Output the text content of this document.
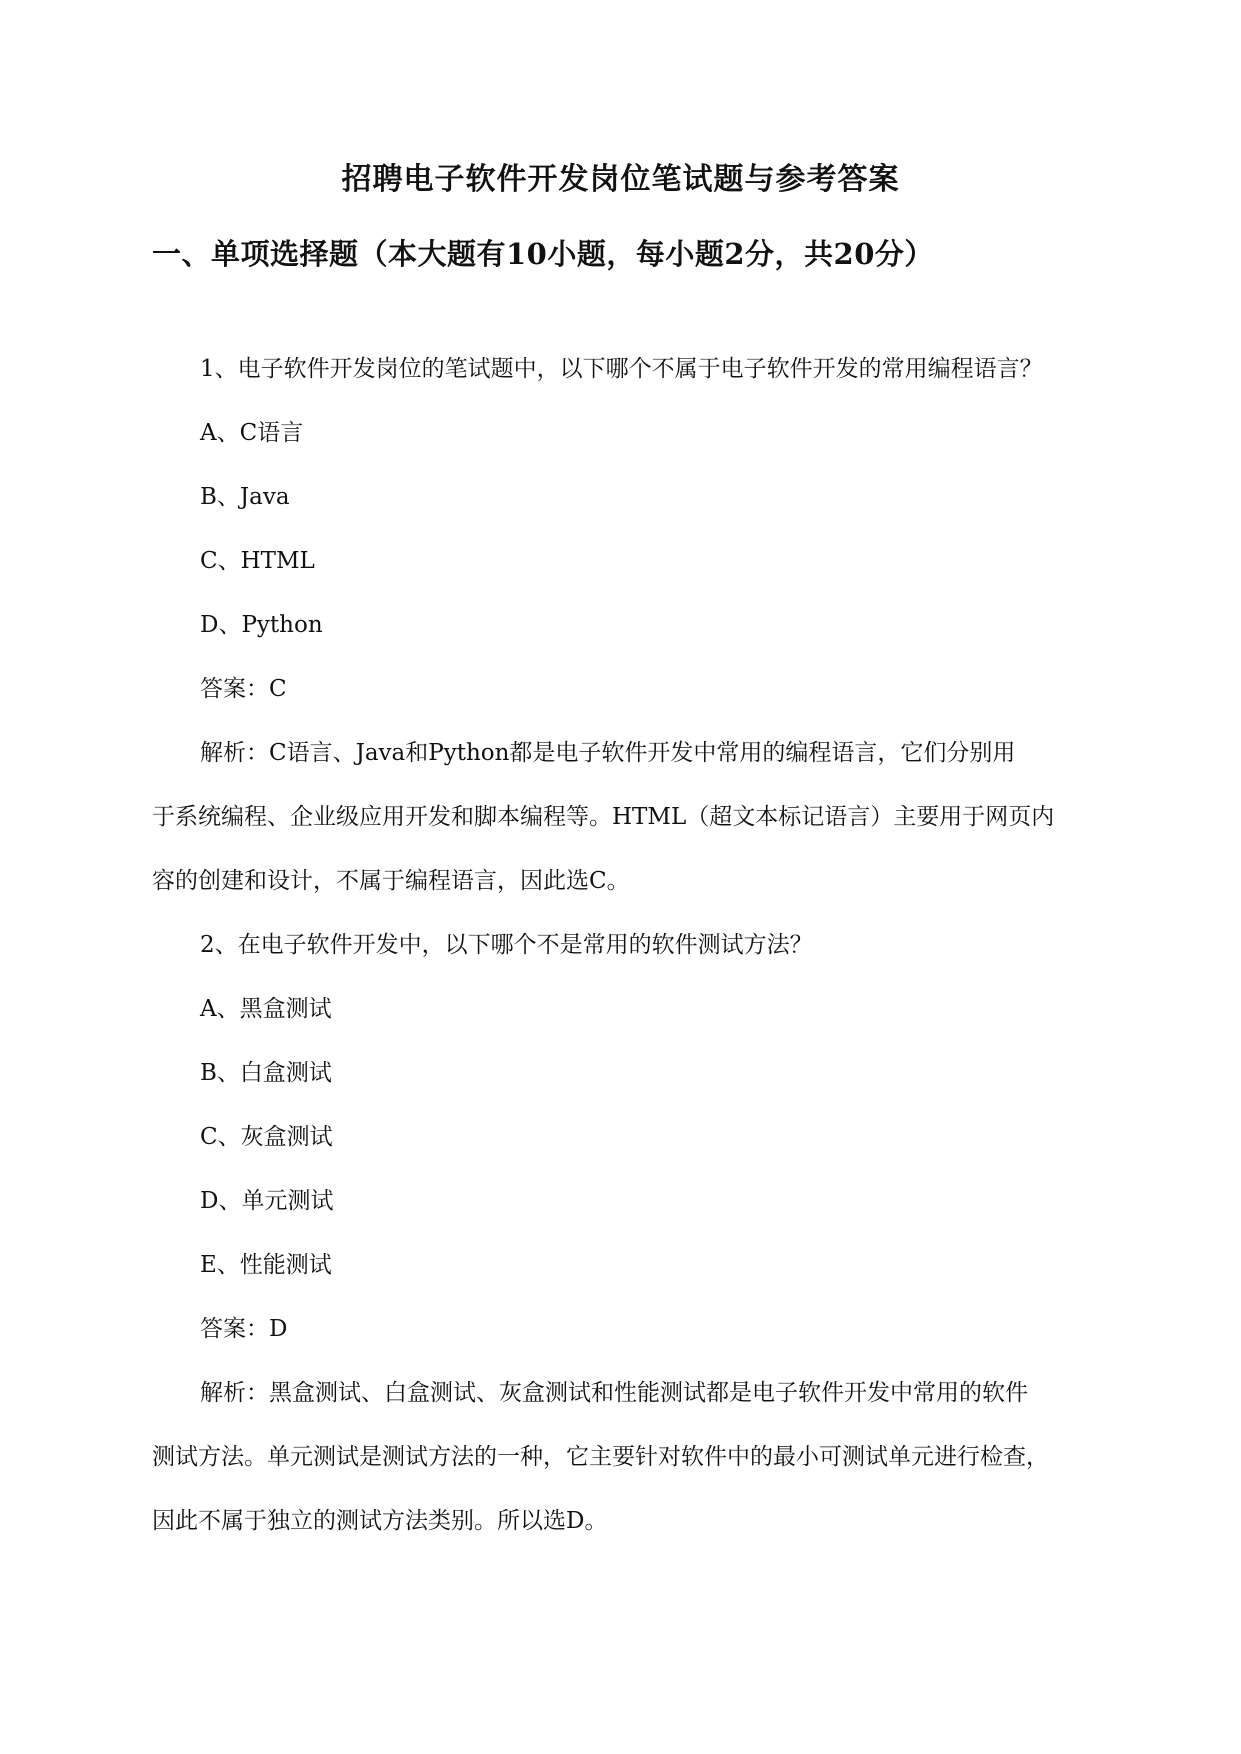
招聘电子软件开发岗位笔试题与参考答案
一、单项选择题（本大题有10小题，每小题2分，共20分）
1、电子软件开发岗位的笔试题中，以下哪个不属于电子软件开发的常用编程语言？
A、C语言
B、Java
C、HTML
D、Python
答案：C
解析：C语言、Java和Python都是电子软件开发中常用的编程语言，它们分别用
于系统编程、企业级应用开发和脚本编程等。HTML（超文本标记语言）主要用于网页内
容的创建和设计，不属于编程语言，因此选C。
2、在电子软件开发中，以下哪个不是常用的软件测试方法？
A、黑盒测试
B、白盒测试
C、灰盒测试
D、单元测试
E、性能测试
答案：D
解析：黑盒测试、白盒测试、灰盒测试和性能测试都是电子软件开发中常用的软件
测试方法。单元测试是测试方法的一种，它主要针对软件中的最小可测试单元进行检查，
因此不属于独立的测试方法类别。所以选D。
